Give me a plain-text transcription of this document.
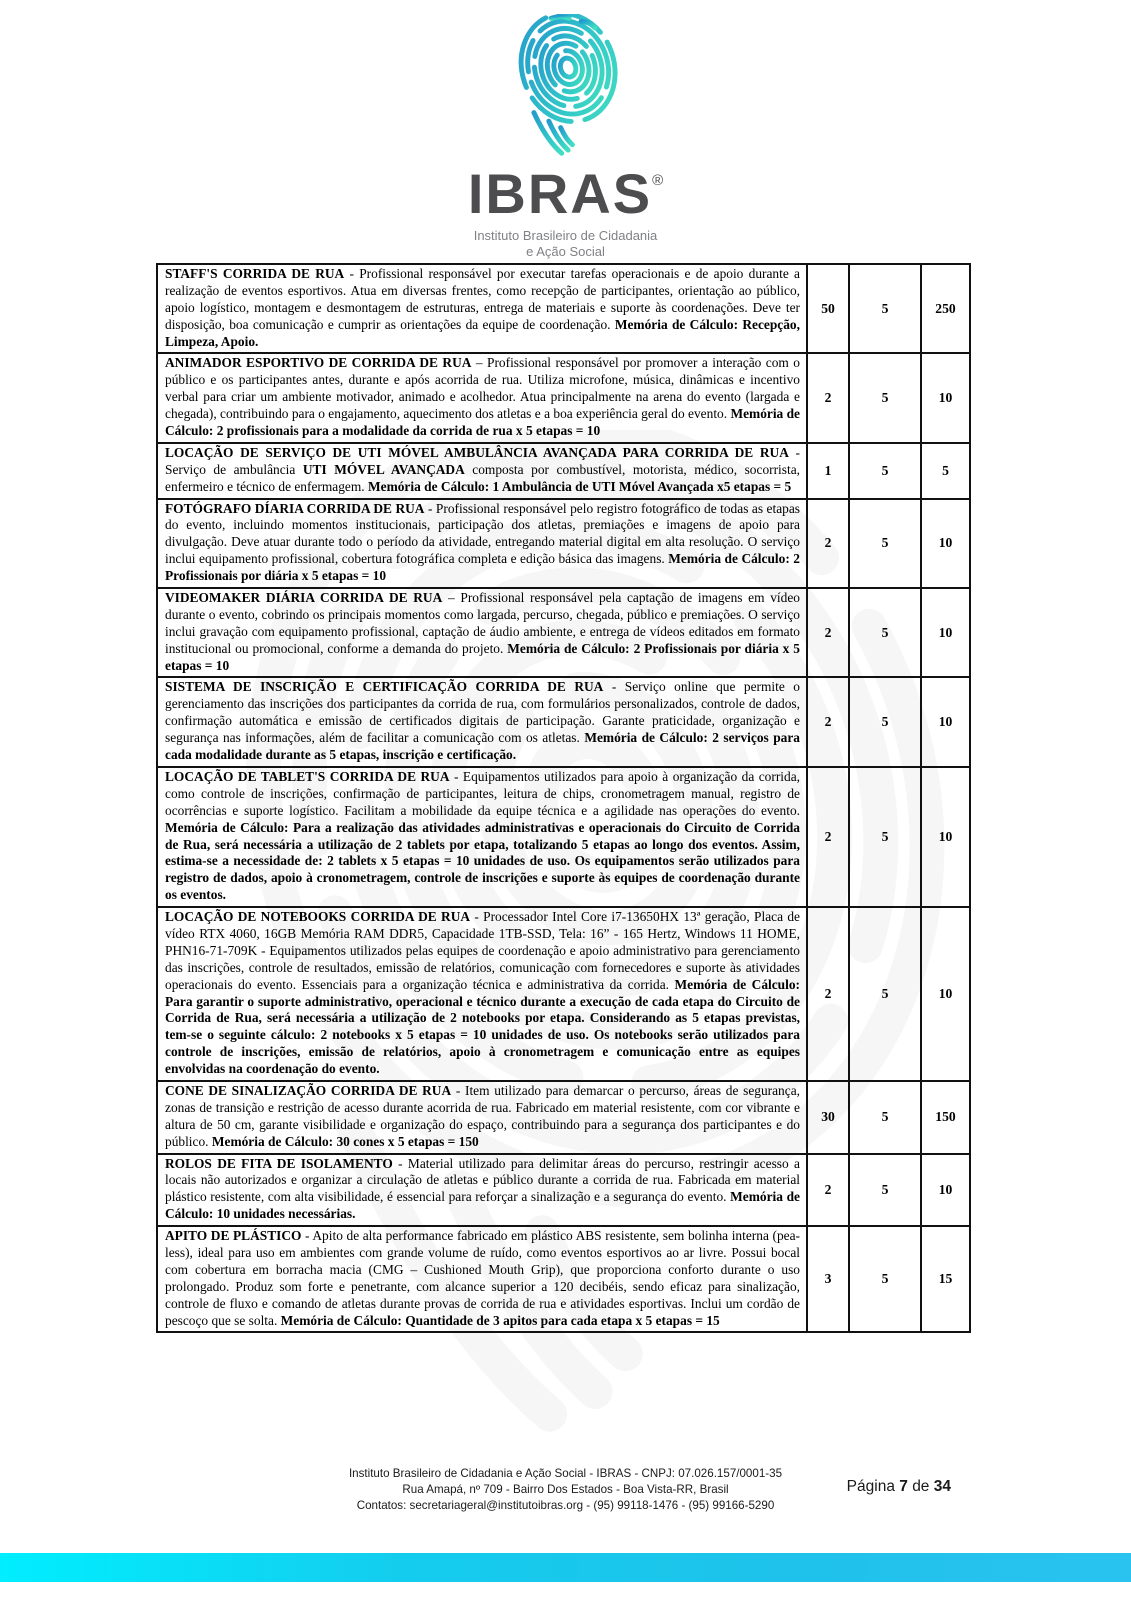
IBRAS®
Instituto Brasileiro de Cidadania
e Ação Social
STAFF'S CORRIDA DE RUA - Profissional responsável por executar tarefas operacionais e de apoio durante a realização de eventos esportivos. Atua em diversas frentes, como recepção de participantes, orientação ao público, apoio logístico, montagem e desmontagem de estruturas, entrega de materiais e suporte às coordenações. Deve ter disposição, boa comunicação e cumprir as orientações da equipe de coordenação. Memória de Cálculo: Recepção, Limpeza, Apoio.	50	5	250
ANIMADOR ESPORTIVO DE CORRIDA DE RUA – Profissional responsável por promover a interação com o público e os participantes antes, durante e após acorrida de rua. Utiliza microfone, música, dinâmicas e incentivo verbal para criar um ambiente motivador, animado e acolhedor. Atua principalmente na arena do evento (largada e chegada), contribuindo para o engajamento, aquecimento dos atletas e a boa experiência geral do evento. Memória de Cálculo: 2 profissionais para a modalidade da corrida de rua x 5 etapas = 10	2	5	10
LOCAÇÃO DE SERVIÇO DE UTI MÓVEL AMBULÂNCIA AVANÇADA PARA CORRIDA DE RUA - Serviço de ambulância UTI MÓVEL AVANÇADA composta por combustível, motorista, médico, socorrista, enfermeiro e técnico de enfermagem. Memória de Cálculo: 1 Ambulância de UTI Móvel Avançada x5 etapas = 5	1	5	5
FOTÓGRAFO DÍARIA CORRIDA DE RUA - Profissional responsável pelo registro fotográfico de todas as etapas do evento, incluindo momentos institucionais, participação dos atletas, premiações e imagens de apoio para divulgação. Deve atuar durante todo o período da atividade, entregando material digital em alta resolução. O serviço inclui equipamento profissional, cobertura fotográfica completa e edição básica das imagens. Memória de Cálculo: 2 Profissionais por diária x 5 etapas = 10	2	5	10
VIDEOMAKER DIÁRIA CORRIDA DE RUA – Profissional responsável pela captação de imagens em vídeo durante o evento, cobrindo os principais momentos como largada, percurso, chegada, público e premiações. O serviço inclui gravação com equipamento profissional, captação de áudio ambiente, e entrega de vídeos editados em formato institucional ou promocional, conforme a demanda do projeto. Memória de Cálculo: 2 Profissionais por diária x 5 etapas = 10	2	5	10
SISTEMA DE INSCRIÇÃO E CERTIFICAÇÃO CORRIDA DE RUA - Serviço online que permite o gerenciamento das inscrições dos participantes da corrida de rua, com formulários personalizados, controle de dados, confirmação automática e emissão de certificados digitais de participação. Garante praticidade, organização e segurança nas informações, além de facilitar a comunicação com os atletas. Memória de Cálculo: 2 serviços para cada modalidade durante as 5 etapas, inscrição e certificação.	2	5	10
LOCAÇÃO DE TABLET'S CORRIDA DE RUA - Equipamentos utilizados para apoio à organização da corrida, como controle de inscrições, confirmação de participantes, leitura de chips, cronometragem manual, registro de ocorrências e suporte logístico. Facilitam a mobilidade da equipe técnica e a agilidade nas operações do evento. Memória de Cálculo: Para a realização das atividades administrativas e operacionais do Circuito de Corrida de Rua, será necessária a utilização de 2 tablets por etapa, totalizando 5 etapas ao longo dos eventos. Assim, estima-se a necessidade de: 2 tablets x 5 etapas = 10 unidades de uso. Os equipamentos serão utilizados para registro de dados, apoio à cronometragem, controle de inscrições e suporte às equipes de coordenação durante os eventos.	2	5	10
LOCAÇÃO DE NOTEBOOKS CORRIDA DE RUA - Processador Intel Core i7-13650HX 13ª geração, Placa de vídeo RTX 4060, 16GB Memória RAM DDR5, Capacidade 1TB-SSD, Tela: 16” - 165 Hertz, Windows 11 HOME, PHN16-71-709K - Equipamentos utilizados pelas equipes de coordenação e apoio administrativo para gerenciamento das inscrições, controle de resultados, emissão de relatórios, comunicação com fornecedores e suporte às atividades operacionais do evento. Essenciais para a organização técnica e administrativa da corrida. Memória de Cálculo: Para garantir o suporte administrativo, operacional e técnico durante a execução de cada etapa do Circuito de Corrida de Rua, será necessária a utilização de 2 notebooks por etapa. Considerando as 5 etapas previstas, tem-se o seguinte cálculo: 2 notebooks x 5 etapas = 10 unidades de uso. Os notebooks serão utilizados para controle de inscrições, emissão de relatórios, apoio à cronometragem e comunicação entre as equipes envolvidas na coordenação do evento.	2	5	10
CONE DE SINALIZAÇÃO CORRIDA DE RUA - Item utilizado para demarcar o percurso, áreas de segurança, zonas de transição e restrição de acesso durante acorrida de rua. Fabricado em material resistente, com cor vibrante e altura de 50 cm, garante visibilidade e organização do espaço, contribuindo para a segurança dos participantes e do público. Memória de Cálculo: 30 cones x 5 etapas = 150	30	5	150
ROLOS DE FITA DE ISOLAMENTO - Material utilizado para delimitar áreas do percurso, restringir acesso a locais não autorizados e organizar a circulação de atletas e público durante a corrida de rua. Fabricada em material plástico resistente, com alta visibilidade, é essencial para reforçar a sinalização e a segurança do evento. Memória de Cálculo: 10 unidades necessárias.	2	5	10
APITO DE PLÁSTICO - Apito de alta performance fabricado em plástico ABS resistente, sem bolinha interna (pea-less), ideal para uso em ambientes com grande volume de ruído, como eventos esportivos ao ar livre. Possui bocal com cobertura em borracha macia (CMG – Cushioned Mouth Grip), que proporciona conforto durante o uso prolongado. Produz som forte e penetrante, com alcance superior a 120 decibéis, sendo eficaz para sinalização, controle de fluxo e comando de atletas durante provas de corrida de rua e atividades esportivas. Inclui um cordão de pescoço que se solta. Memória de Cálculo: Quantidade de 3 apitos para cada etapa x 5 etapas = 15	3	5	15
Instituto Brasileiro de Cidadania e Ação Social - IBRAS - CNPJ: 07.026.157/0001-35
Rua Amapá, nº 709 - Bairro Dos Estados - Boa Vista-RR, Brasil
Contatos: secretariageral@institutoibras.org - (95) 99118-1476 - (95) 99166-5290
Página 7 de 34
